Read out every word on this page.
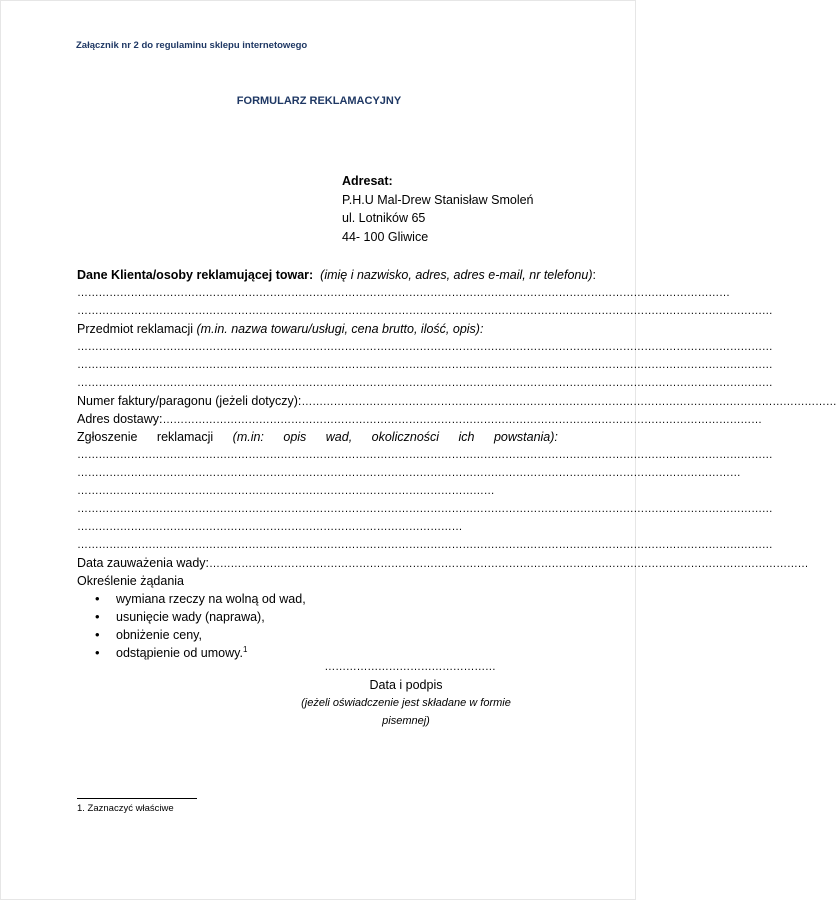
Załącznik nr 2 do regulaminu sklepu internetowego
FORMULARZ REKLAMACYJNY
Adresat:
P.H.U Mal-Drew Stanisław Smoleń
ul. Lotników 65
44- 100 Gliwice
Dane Klienta/osoby reklamującej towar: (imię i nazwisko, adres, adres e-mail, nr telefonu):
…………………………………………………………………………………………………………………………………………………………………
……………………………………………………………………………………………………………………………………………………………………………
Przedmiot reklamacji (m.in. nazwa towaru/usługi, cena brutto, ilość, opis):
……………………………………………………………………………………………………………………………………………………………………………
……………………………………………………………………………………………………………………………………………………………………………
……………………………………………………………………………………………………………………………………………………………………………
Numer faktury/paragonu (jeżeli dotyczy): ……………………………………………………………………………………………………………………………………
Adres dostawy: ……………………………………………………………………………………………………………………………………………………
Zgłoszenie reklamacji (m.in: opis wad, okoliczności ich powstania):
……………………………………………………………………………………………………………………………………………………………………………
……………………………………………………………………………………………………………………………………………………………………
………………………………………………………………………………………………………
……………………………………………………………………………………………………………………………………………………………………………
………………………………………………………………………………………………
……………………………………………………………………………………………………………………………………………………………………………
Data zauważenia wady: ……………………………………………………………………………………………………………………………………………………
Określenie żądania
• wymiana rzeczy na wolną od wad,
• usunięcie wady (naprawa),
• obniżenie ceny,
• odstąpienie od umowy.$^1$
…………………………………………
Data i podpis
(jeżeli oświadczenie jest składane w formie pisemnej)
1. Zaznaczyć właściwe
